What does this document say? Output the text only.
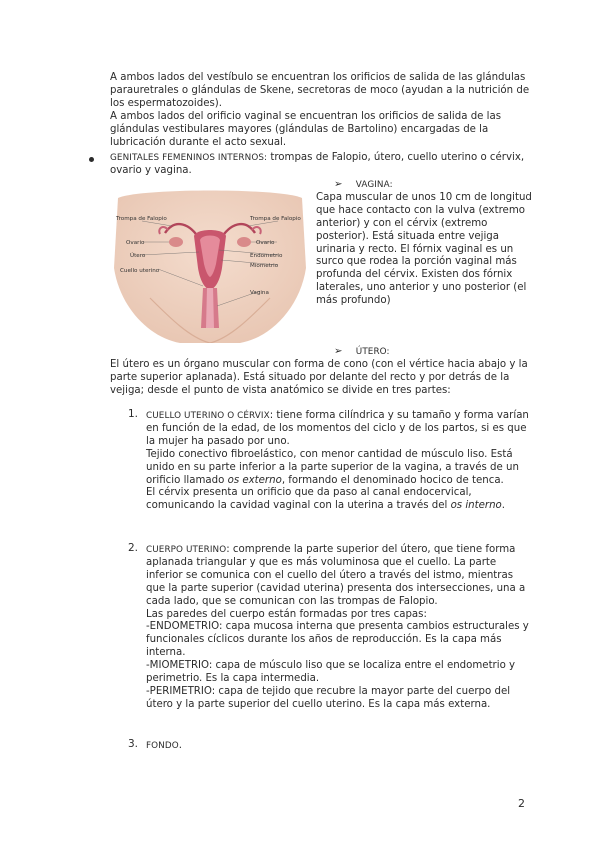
A ambos lados del vestíbulo se encuentran los orificios de salida de las glándulas parauretrales o glándulas de Skene, secretoras de moco (ayudan a la nutrición de los espermatozoides).

A ambos lados del orificio vaginal se encuentran los orificios de salida de las glándulas vestibulares mayores (glándulas de Bartolino) encargadas de la lubricación durante el acto sexual.

GENITALES FEMENINOS INTERNOS: trompas de Falopio, útero, cuello uterino o cérvix, ovario y vagina.

Trompa de Falopio	Trompa de Falopio
Ovario	Ovario
Útero	Endometrio
Miometrio
Cuello uterino
Vagina

➢ VAGINA:

Capa muscular de unos 10 cm de longitud que hace contacto con la vulva (extremo anterior) y con el cérvix (extremo posterior). Está situada entre vejiga urinaria y recto. El fórnix vaginal es un surco que rodea la porción vaginal más profunda del cérvix. Existen dos fórnix laterales, uno anterior y uno posterior (el más profundo)

➢ ÚTERO:

El útero es un órgano muscular con forma de cono (con el vértice hacia abajo y la parte superior aplanada). Está situado por delante del recto y por detrás de la vejiga; desde el punto de vista anatómico se divide en tres partes:

1. CUELLO UTERINO O CÉRVIX: tiene forma cilíndrica y su tamaño y forma varían en función de la edad, de los momentos del ciclo y de los partos, si es que la mujer ha pasado por uno.

Tejido conectivo fibroelástico, con menor cantidad de músculo liso. Está unido en su parte inferior a la parte superior de la vagina, a través de un orificio llamado os externo, formando el denominado hocico de tenca.

El cérvix presenta un orificio que da paso al canal endocervical, comunicando la cavidad vaginal con la uterina a través del os interno.

2. CUERPO UTERINO: comprende la parte superior del útero, que tiene forma aplanada triangular y que es más voluminosa que el cuello. La parte inferior se comunica con el cuello del útero a través del istmo, mientras que la parte superior (cavidad uterina) presenta dos intersecciones, una a cada lado, que se comunican con las trompas de Falopio.

Las paredes del cuerpo están formadas por tres capas:

-ENDOMETRIO: capa mucosa interna que presenta cambios estructurales y funcionales cíclicos durante los años de reproducción. Es la capa más interna.

-MIOMETRIO: capa de músculo liso que se localiza entre el endometrio y perimetrio. Es la capa intermedia.

-PERIMETRIO: capa de tejido que recubre la mayor parte del cuerpo del útero y la parte superior del cuello uterino. Es la capa más externa.

3. FONDO.

2
